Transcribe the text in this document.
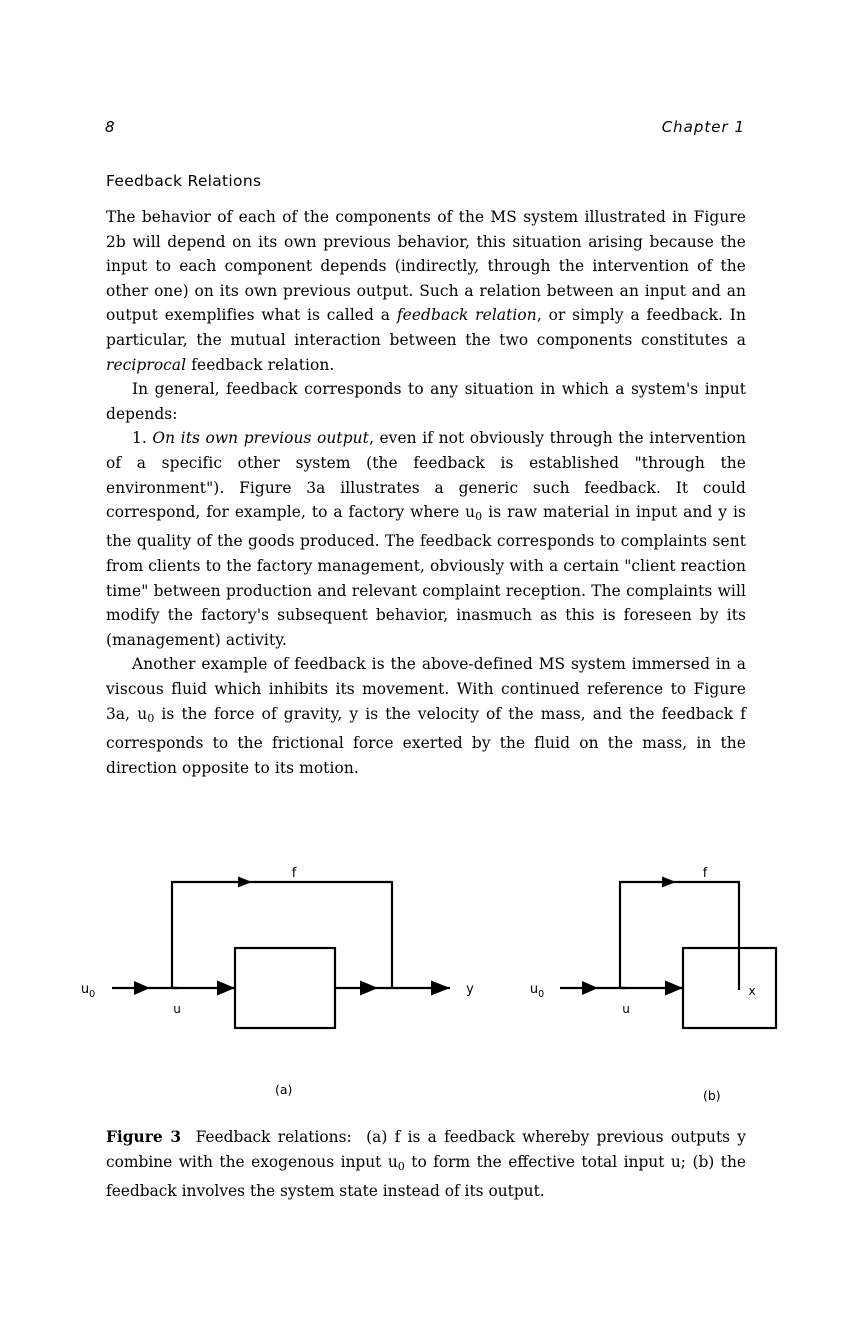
8	Chapter 1
Feedback Relations

The behavior of each of the components of the MS system illustrated in Figure 2b will depend on its own previous behavior, this situation arising because the input to each component depends (indirectly, through the intervention of the other one) on its own previous output. Such a relation between an input and an output exemplifies what is called a feedback relation, or simply a feedback. In particular, the mutual interaction between the two components constitutes a reciprocal feedback relation.

In general, feedback corresponds to any situation in which a system's input depends:

1. On its own previous output, even if not obviously through the intervention of a specific other system (the feedback is established "through the environment"). Figure 3a illustrates a generic such feedback. It could correspond, for example, to a factory where $u_0$ is raw material in input and y is the quality of the goods produced. The feedback corresponds to complaints sent from clients to the factory management, obviously with a certain "client reaction time" between production and relevant complaint reception. The complaints will modify the factory's subsequent behavior, inasmuch as this is foreseen by its (management) activity.

Another example of feedback is the above-defined MS system immersed in a viscous fluid which inhibits its movement. With continued reference to Figure 3a, $u_0$ is the force of gravity, y is the velocity of the mass, and the feedback f corresponds to the frictional force exerted by the fluid on the mass, in the direction opposite to its motion.

f
$u_0$
u
y
f
$u_0$
u
x
(a)	(b)
Figure 3  Feedback relations:  (a) f is a feedback whereby previous outputs y combine with the exogenous input $u_0$ to form the effective total input u; (b) the feedback involves the system state instead of its output.
